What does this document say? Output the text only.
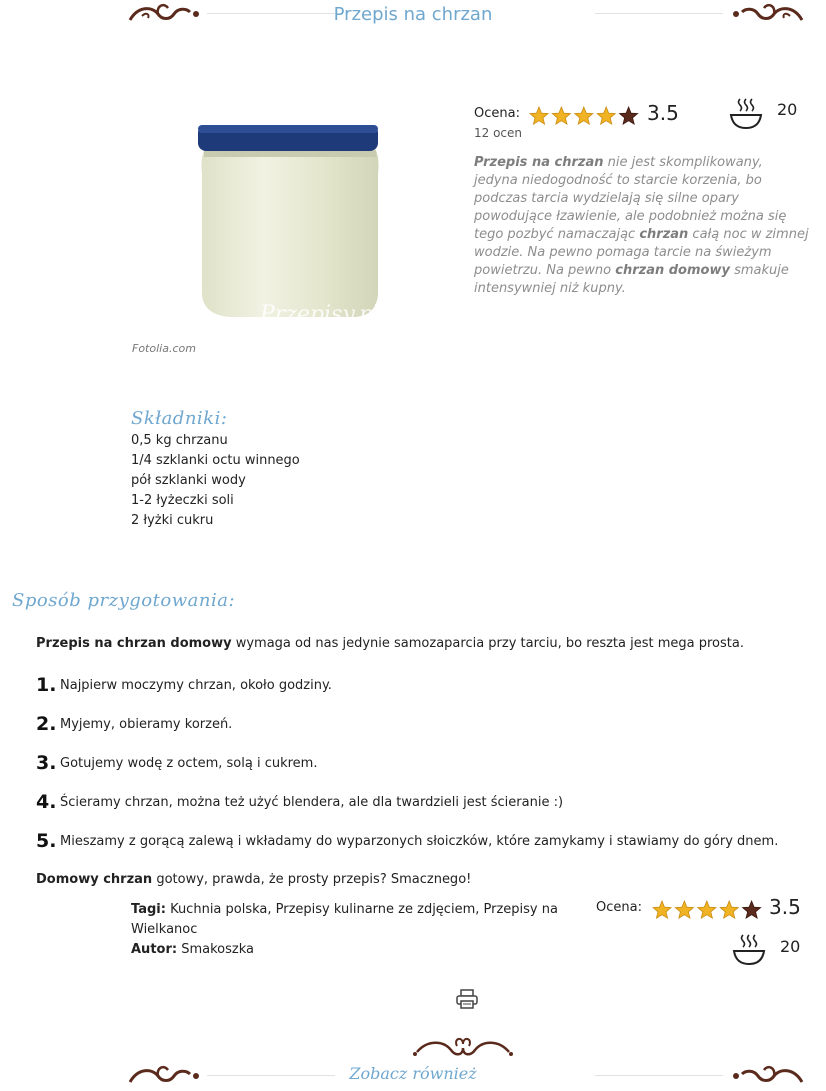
Przepis na chrzan
Przepisy.pl
Fotolia.com
Ocena:	3.5
12 ocen
20
Przepis na chrzan nie jest skomplikowany, jedyna niedogodność to starcie korzenia, bo podczas tarcia wydzielają się silne opary powodujące łzawienie, ale podobnież można się tego pozbyć namaczając chrzan całą noc w zimnej wodzie. Na pewno pomaga tarcie na świeżym powietrzu. Na pewno chrzan domowy smakuje intensywniej niż kupny.
Składniki:
0,5 kg chrzanu
1/4 szklanki octu winnego
pół szklanki wody
1-2 łyżeczki soli
2 łyżki cukru
Sposób przygotowania:
Przepis na chrzan domowy wymaga od nas jedynie samozaparcia przy tarciu, bo reszta jest mega prosta.
1. Najpierw moczymy chrzan, około godziny.
2. Myjemy, obieramy korzeń.
3. Gotujemy wodę z octem, solą i cukrem.
4. Ścieramy chrzan, można też użyć blendera, ale dla twardzieli jest ścieranie :)
5. Mieszamy z gorącą zalewą i wkładamy do wyparzonych słoiczków, które zamykamy i stawiamy do góry dnem.
Domowy chrzan gotowy, prawda, że prosty przepis? Smacznego!
Tagi: Kuchnia polska, Przepisy kulinarne ze zdjęciem, Przepisy na Wielkanoc
Autor: Smakoszka
Ocena:	3.5
20
Zobacz również
